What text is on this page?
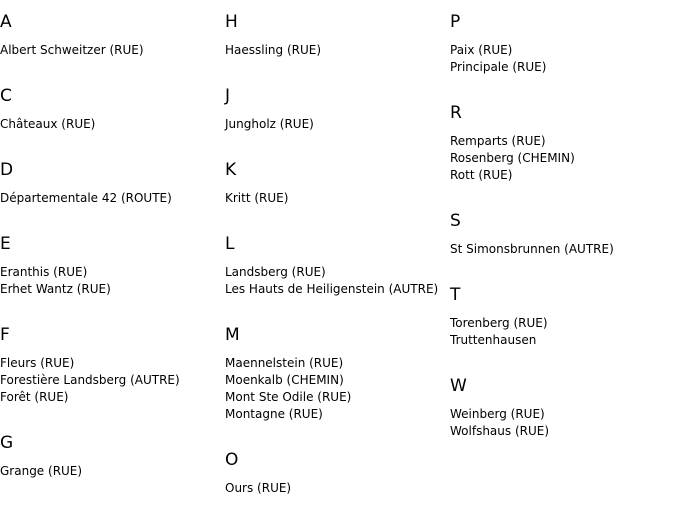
A
Albert Schweitzer (RUE)
C
Châteaux (RUE)
D
Départementale 42 (ROUTE)
E
Eranthis (RUE)
Erhet Wantz (RUE)
F
Fleurs (RUE)
Forestière Landsberg (AUTRE)
Forêt (RUE)
G
Grange (RUE)
H
Haessling (RUE)
J
Jungholz (RUE)
K
Kritt (RUE)
L
Landsberg (RUE)
Les Hauts de Heiligenstein (AUTRE)
M
Maennelstein (RUE)
Moenkalb (CHEMIN)
Mont Ste Odile (RUE)
Montagne (RUE)
O
Ours (RUE)
P
Paix (RUE)
Principale (RUE)
R
Remparts (RUE)
Rosenberg (CHEMIN)
Rott (RUE)
S
St Simonsbrunnen (AUTRE)
T
Torenberg (RUE)
Truttenhausen
W
Weinberg (RUE)
Wolfshaus (RUE)
